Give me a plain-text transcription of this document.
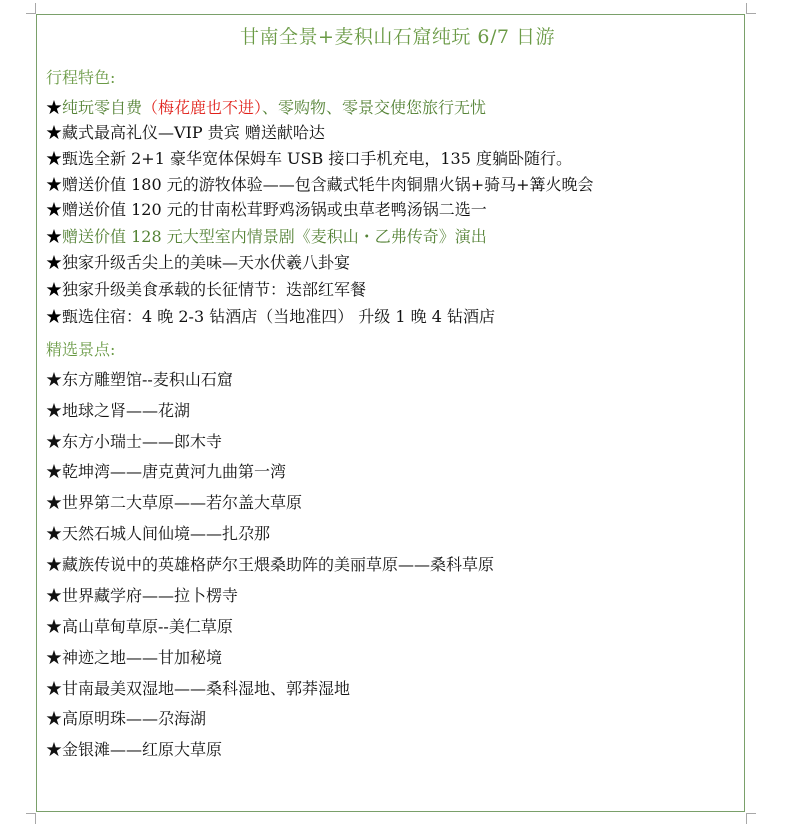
甘南全景+麦积山石窟纯玩 6/7 日游
行程特色:
★纯玩零自费（梅花鹿也不进）、零购物、零景交使您旅行无忧
★藏式最高礼仪—VIP 贵宾 赠送献哈达
★甄选全新 2+1 豪华宽体保姆车 USB 接口手机充电，135 度躺卧随行。
★赠送价值 180 元的游牧体验——包含藏式牦牛肉铜鼎火锅+骑马+篝火晚会
★赠送价值 120 元的甘南松茸野鸡汤锅或虫草老鸭汤锅二选一
★赠送价值 128 元大型室内情景剧《麦积山・乙弗传奇》演出
★独家升级舌尖上的美味—天水伏羲八卦宴
★独家升级美食承载的长征情节：迭部红军餐
★甄选住宿：4 晚 2-3 钻酒店（当地准四） 升级 1 晚 4 钻酒店
精选景点:
★东方雕塑馆--麦积山石窟
★地球之肾——花湖
★东方小瑞士——郎木寺
★乾坤湾——唐克黄河九曲第一湾
★世界第二大草原——若尔盖大草原
★天然石城人间仙境——扎尕那
★藏族传说中的英雄格萨尔王煨桑助阵的美丽草原——桑科草原
★世界藏学府——拉卜楞寺
★高山草甸草原--美仁草原
★神迹之地——甘加秘境
★甘南最美双湿地——桑科湿地、郭莽湿地
★高原明珠——尕海湖
★金银滩——红原大草原
